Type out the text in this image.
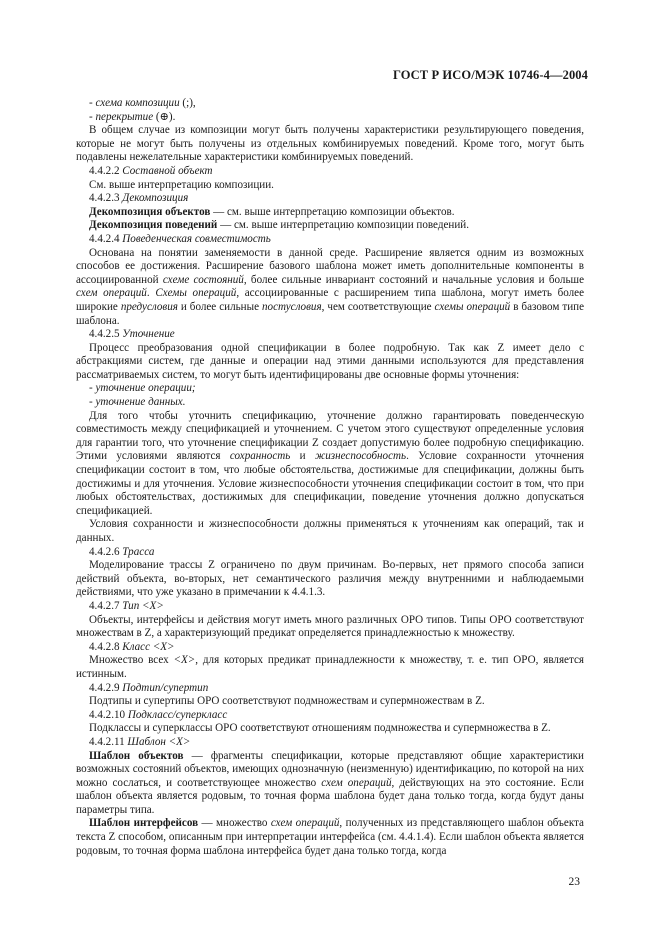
ГОСТ Р ИСО/МЭК 10746-4—2004

- схема композиции (;),

- перекрытие (⊕).

В общем случае из композиции могут быть получены характеристики результирующего поведения, которые не могут быть получены из отдельных комбинируемых поведений. Кроме того, могут быть подавлены нежелательные характеристики комбинируемых поведений.

4.4.2.2 Составной объект

См. выше интерпретацию композиции.

4.4.2.3 Декомпозиция

Декомпозиция объектов — см. выше интерпретацию композиции объектов.

Декомпозиция поведений — см. выше интерпретацию композиции поведений.

4.4.2.4 Поведенческая совместимость

Основана на понятии заменяемости в данной среде. Расширение является одним из возможных способов ее достижения. Расширение базового шаблона может иметь дополнительные компоненты в ассоциированной схеме состояний, более сильные инвариант состояний и начальные условия и больше схем операций. Схемы операций, ассоциированные с расширением типа шаблона, могут иметь более широкие предусловия и более сильные постусловия, чем соответствующие схемы операций в базовом типе шаблона.

4.4.2.5 Уточнение

Процесс преобразования одной спецификации в более подробную. Так как Z имеет дело с абстракциями систем, где данные и операции над этими данными используются для представления рассматриваемых систем, то могут быть идентифицированы две основные формы уточнения:

- уточнение операции;

- уточнение данных.

Для того чтобы уточнить спецификацию, уточнение должно гарантировать поведенческую совместимость между спецификацией и уточнением. С учетом этого существуют определенные условия для гарантии того, что уточнение спецификации Z создает допустимую более подробную спецификацию. Этими условиями являются сохранность и жизнеспособность. Условие сохранности уточнения спецификации состоит в том, что любые обстоятельства, достижимые для спецификации, должны быть достижимы и для уточнения. Условие жизнеспособности уточнения спецификации состоит в том, что при любых обстоятельствах, достижимых для спецификации, поведение уточнения должно допускаться спецификацией.

Условия сохранности и жизнеспособности должны применяться к уточнениям как операций, так и данных.

4.4.2.6 Трасса

Моделирование трассы Z ограничено по двум причинам. Во-первых, нет прямого способа записи действий объекта, во-вторых, нет семантического различия между внутренними и наблюдаемыми действиями, что уже указано в примечании к 4.4.1.3.

4.4.2.7 Тип <X>

Объекты, интерфейсы и действия могут иметь много различных ОРО типов. Типы ОРО соответствуют множествам в Z, а характеризующий предикат определяется принадлежностью к множеству.

4.4.2.8 Класс <X>

Множество всех <X>, для которых предикат принадлежности к множеству, т. е. тип ОРО, является истинным.

4.4.2.9 Подтип/супертип

Подтипы и супертипы ОРО соответствуют подмножествам и супермножествам в Z.

4.4.2.10 Подкласс/суперкласс

Подклассы и суперклассы ОРО соответствуют отношениям подмножества и супермножества в Z.

4.4.2.11 Шаблон <X>

Шаблон объектов — фрагменты спецификации, которые представляют общие характеристики возможных состояний объектов, имеющих однозначную (неизменную) идентификацию, по которой на них можно сослаться, и соответствующее множество схем операций, действующих на это состояние. Если шаблон объекта является родовым, то точная форма шаблона будет дана только тогда, когда будут даны параметры типа.

Шаблон интерфейсов — множество схем операций, полученных из представляющего шаблон объекта текста Z способом, описанным при интерпретации интерфейса (см. 4.4.1.4). Если шаблон объекта является родовым, то точная форма шаблона интерфейса будет дана только тогда, когда

23
